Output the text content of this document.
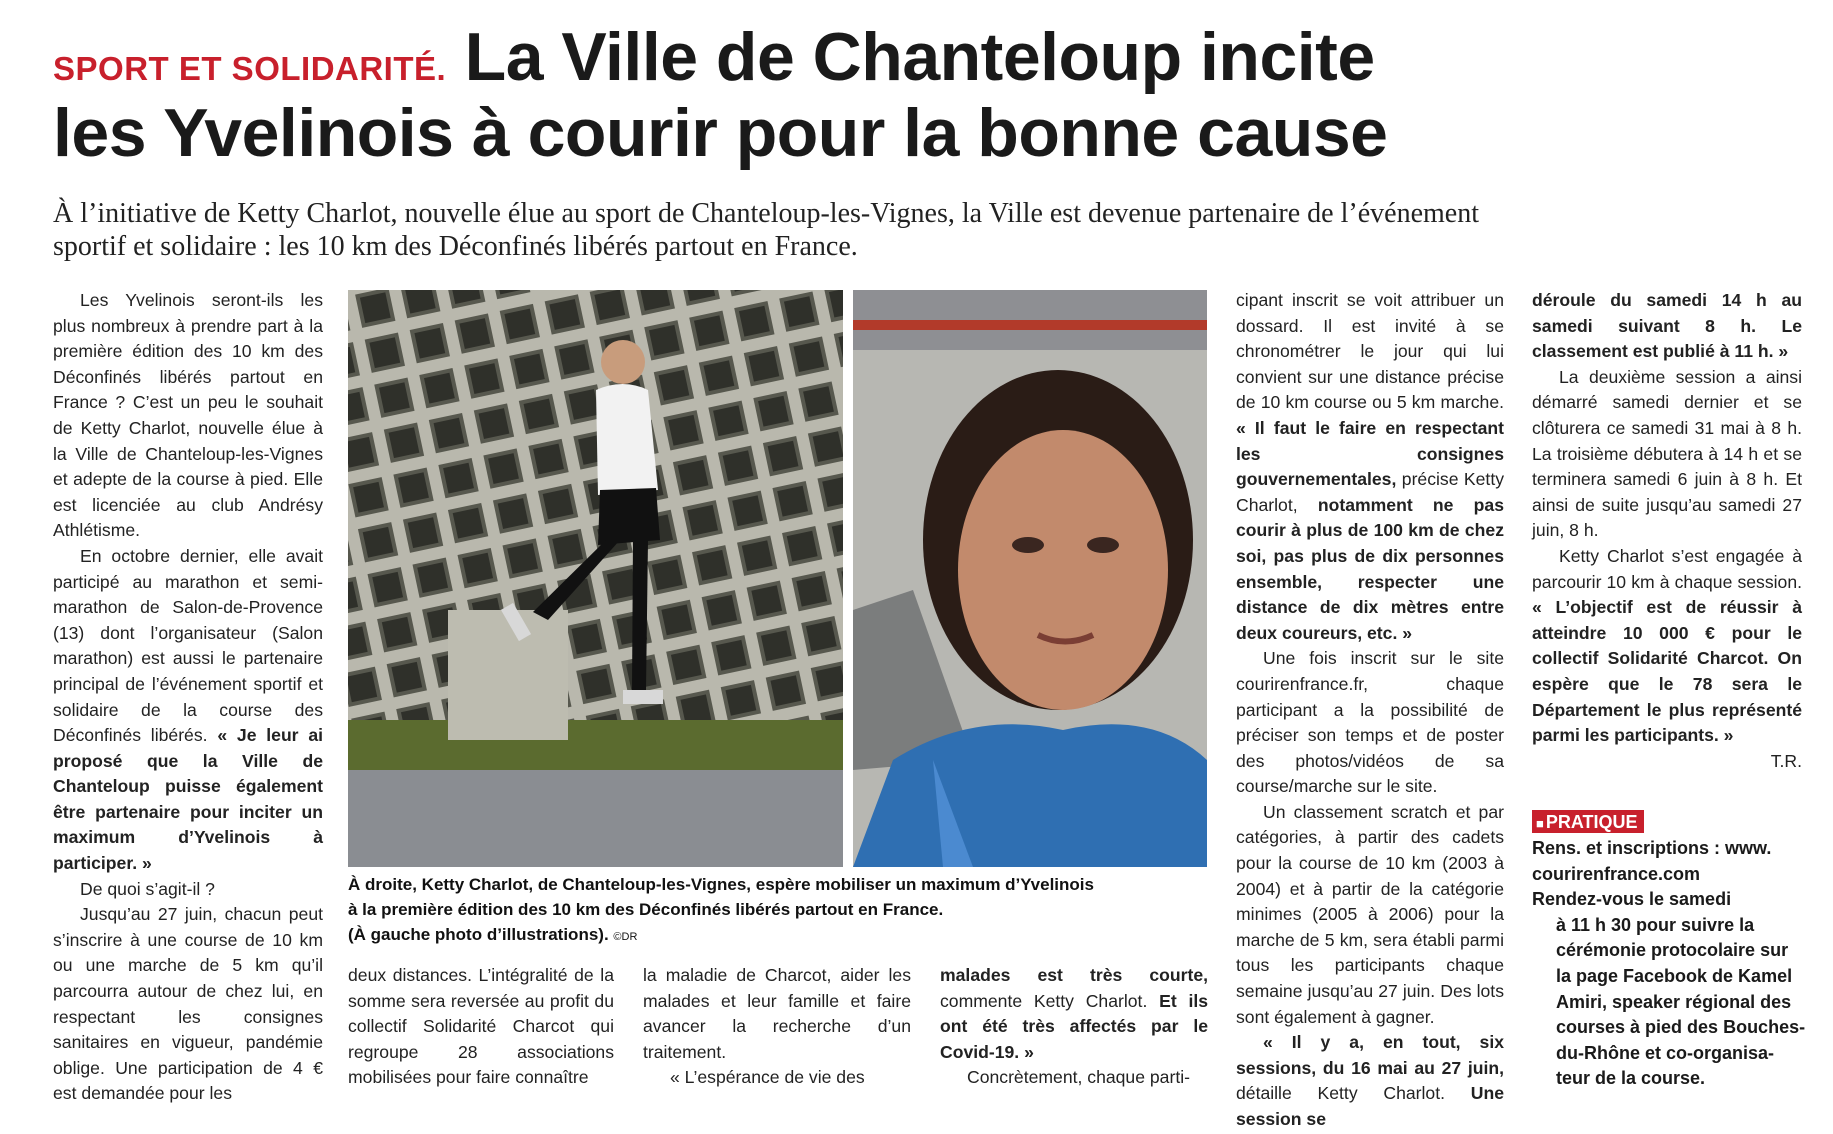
SPORT ET SOLIDARITÉ. La Ville de Chanteloup incite
les Yvelinois à courir pour la bonne cause
À l’initiative de Ketty Charlot, nouvelle élue au sport de Chanteloup-les-Vignes, la Ville est devenue partenaire de l’événement
sportif et solidaire : les 10 km des Déconfinés libérés partout en France.

Les Yvelinois seront-ils les plus nombreux à prendre part à la première édition des 10 km des Déconfinés libérés partout en France ? C’est un peu le souhait de Ketty Charlot, nouvelle élue à la Ville de Chanteloup-les-Vignes et adepte de la course à pied. Elle est licenciée au club Andrésy Athlétisme.

En octobre dernier, elle avait participé au marathon et semi-marathon de Salon-de-Provence (13) dont l’organisateur (Salon marathon) est aussi le partenaire principal de l’événement sportif et solidaire de la course des Déconfinés libérés. « Je leur ai proposé que la Ville de Chanteloup puisse également être partenaire pour inciter un maximum d’Yvelinois à participer. »

De quoi s’agit-il ?

Jusqu’au 27 juin, chacun peut s’inscrire à une course de 10 km ou une marche de 5 km qu’il parcourra autour de chez lui, en respectant les consignes sanitaires en vigueur, pandémie oblige. Une participation de 4 € est demandée pour les

À droite, Ketty Charlot, de Chanteloup-les-Vignes, espère mobiliser un maximum d’Yvelinois
à la première édition des 10 km des Déconfinés libérés partout en France.
(À gauche photo d’illustrations). ©DR

deux distances. L’intégralité de la somme sera reversée au profit du collectif Solidarité Charcot qui regroupe 28 associations mobilisées pour faire connaître

la maladie de Charcot, aider les malades et leur famille et faire avancer la recherche d’un traitement.

« L’espérance de vie des

malades est très courte, commente Ketty Charlot. Et ils ont été très affectés par le Covid-19. »

Concrètement, chaque parti-

cipant inscrit se voit attribuer un dossard. Il est invité à se chronométrer le jour qui lui convient sur une distance précise de 10 km course ou 5 km marche. « Il faut le faire en respectant les consignes gouvernementales, précise Ketty Charlot, notamment ne pas courir à plus de 100 km de chez soi, pas plus de dix personnes ensemble, respecter une distance de dix mètres entre deux coureurs, etc. »

Une fois inscrit sur le site courirenfrance.fr, chaque participant a la possibilité de préciser son temps et de poster des photos/vidéos de sa course/marche sur le site.

Un classement scratch et par catégories, à partir des cadets pour la course de 10 km (2003 à 2004) et à partir de la catégorie minimes (2005 à 2006) pour la marche de 5 km, sera établi parmi tous les participants chaque semaine jusqu’au 27 juin. Des lots sont également à gagner.

« Il y a, en tout, six sessions, du 16 mai au 27 juin, détaille Ketty Charlot. Une session se

déroule du samedi 14 h au samedi suivant 8 h. Le classement est publié à 11 h. »

La deuxième session a ainsi démarré samedi dernier et se clôturera ce samedi 31 mai à 8 h. La troisième débutera à 14 h et se terminera samedi 6 juin à 8 h. Et ainsi de suite jusqu’au samedi 27 juin, 8 h.

Ketty Charlot s’est engagée à parcourir 10 km à chaque session. « L’objectif est de réussir à atteindre 10 000 € pour le collectif Solidarité Charcot. On espère que le 78 sera le Département le plus représenté parmi les participants. »

T.R.
■ PRATIQUE
Rens. et inscriptions : www.
courirenfrance.com
Rendez-vous le samedi
à 11 h 30 pour suivre la
cérémonie protocolaire sur
la page Facebook de Kamel
Amiri, speaker régional des
courses à pied des Bouches-
du-Rhône et co-organisa-
teur de la course.
